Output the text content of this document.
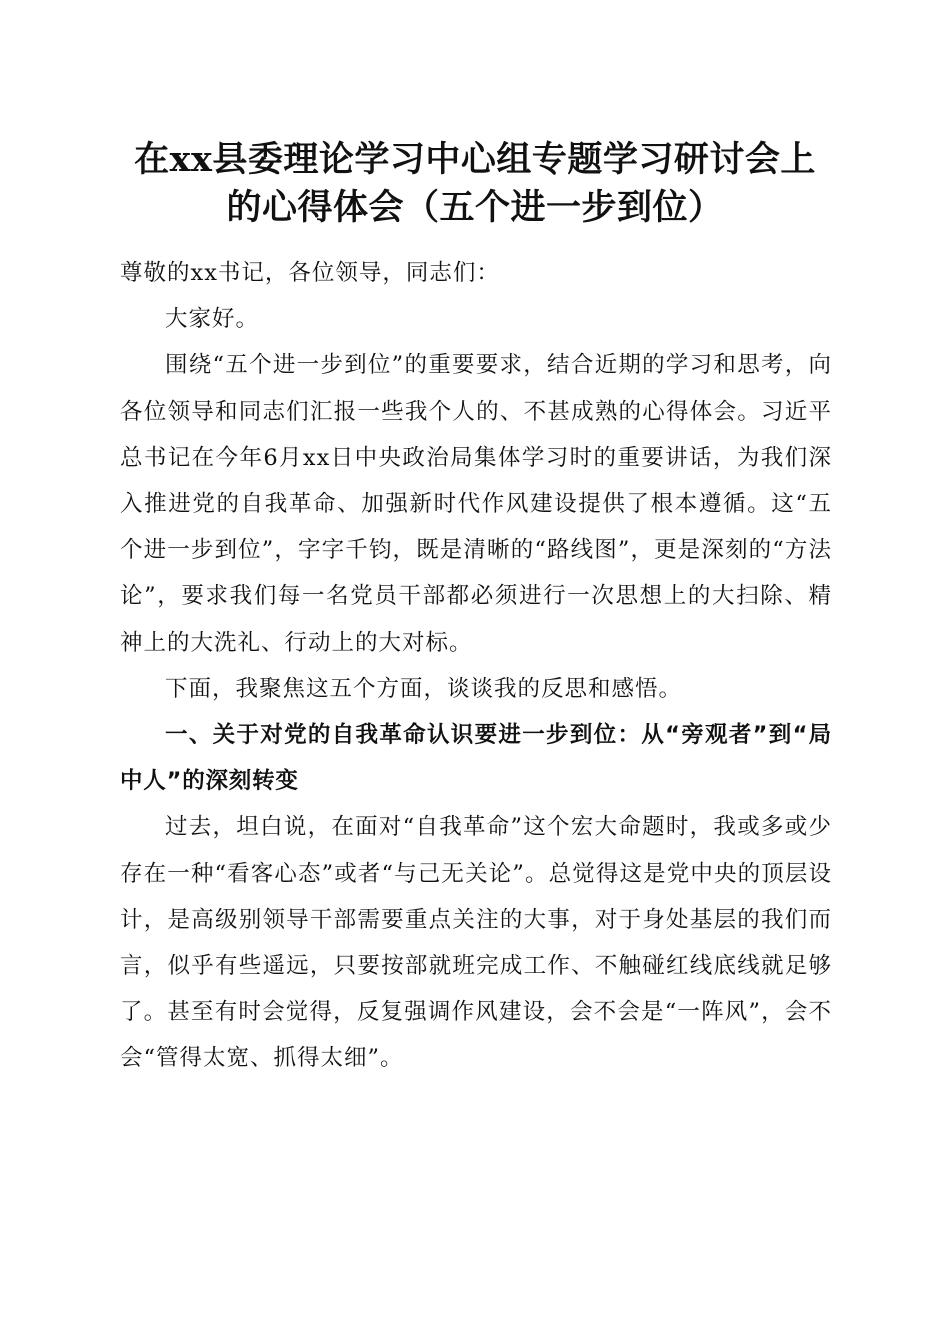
在xx县委理论学习中心组专题学习研讨会上
的心得体会（五个进一步到位）

尊敬的xx书记，各位领导，同志们：

大家好。

围绕“五个进一步到位”的重要要求，结合近期的学习和思考，向各位领导和同志们汇报一些我个人的、不甚成熟的心得体会。习近平总书记在今年6月xx日中央政治局集体学习时的重要讲话，为我们深入推进党的自我革命、加强新时代作风建设提供了根本遵循。这“五个进一步到位”，字字千钧，既是清晰的“路线图”，更是深刻的“方法论”，要求我们每一名党员干部都必须进行一次思想上的大扫除、精神上的大洗礼、行动上的大对标。

下面，我聚焦这五个方面，谈谈我的反思和感悟。

一、关于对党的自我革命认识要进一步到位：从“旁观者”到“局中人”的深刻转变

过去，坦白说，在面对“自我革命”这个宏大命题时，我或多或少存在一种“看客心态”或者“与己无关论”。总觉得这是党中央的顶层设计，是高级别领导干部需要重点关注的大事，对于身处基层的我们而言，似乎有些遥远，只要按部就班完成工作、不触碰红线底线就足够了。甚至有时会觉得，反复强调作风建设，会不会是“一阵风”，会不会“管得太宽、抓得太细”。
